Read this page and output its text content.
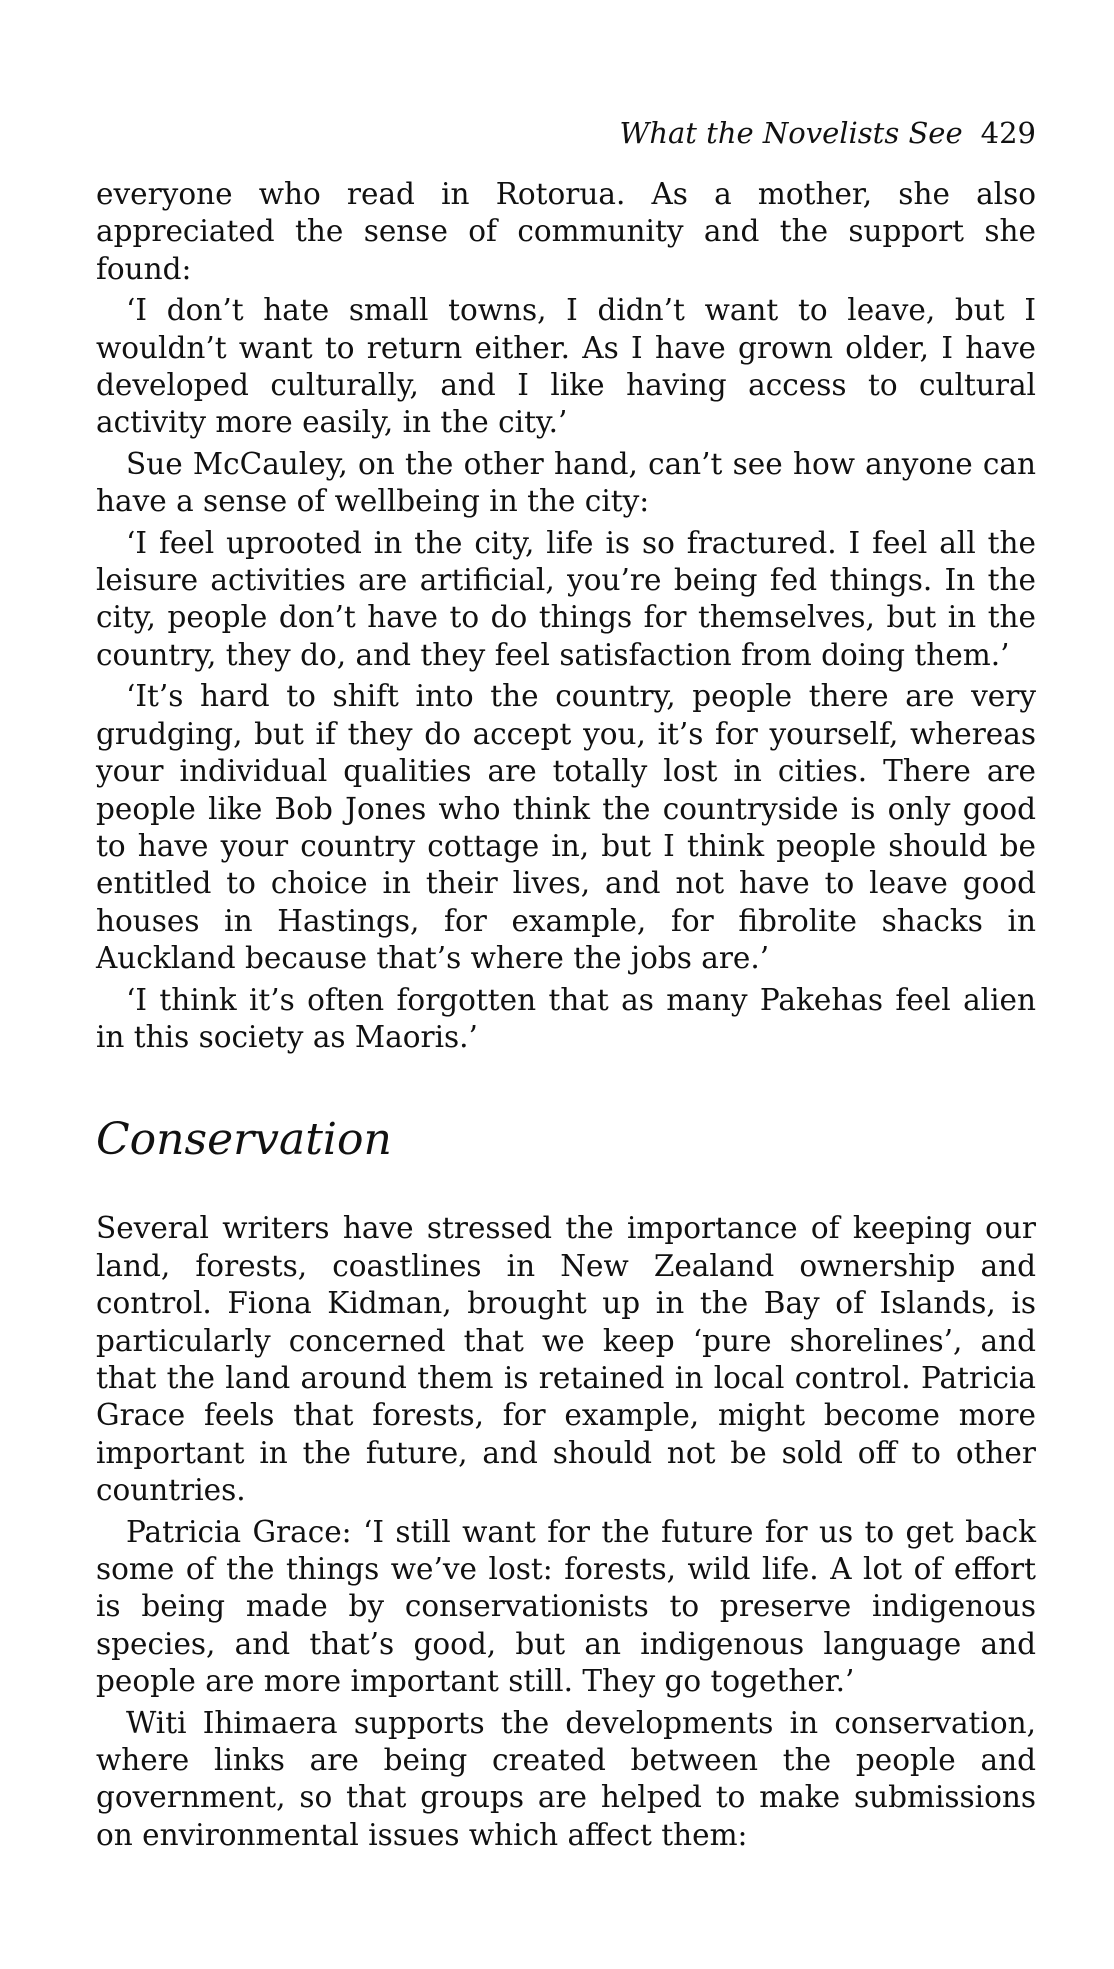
What the Novelists See 429

everyone who read in Rotorua. As a mother, she also appreciated the sense of community and the support she found:

‘I don’t hate small towns, I didn’t want to leave, but I wouldn’t want to return either. As I have grown older, I have developed culturally, and I like having access to cultural activity more easily, in the city.’

Sue McCauley, on the other hand, can’t see how anyone can have a sense of wellbeing in the city:

‘I feel uprooted in the city, life is so fractured. I feel all the leisure activities are artificial, you’re being fed things. In the city, people don’t have to do things for themselves, but in the country, they do, and they feel satisfaction from doing them.’

‘It’s hard to shift into the country, people there are very grudging, but if they do accept you, it’s for yourself, whereas your individual qualities are totally lost in cities. There are people like Bob Jones who think the countryside is only good to have your country cottage in, but I think people should be entitled to choice in their lives, and not have to leave good houses in Hastings, for example, for fibrolite shacks in Auckland because that’s where the jobs are.’

‘I think it’s often forgotten that as many Pakehas feel alien in this society as Maoris.’

Conservation

Several writers have stressed the importance of keeping our land, forests, coastlines in New Zealand ownership and control. Fiona Kidman, brought up in the Bay of Islands, is particularly concerned that we keep ‘pure shorelines’, and that the land around them is retained in local control. Patricia Grace feels that forests, for example, might become more important in the future, and should not be sold off to other countries.

Patricia Grace: ‘I still want for the future for us to get back some of the things we’ve lost: forests, wild life. A lot of effort is being made by conservationists to preserve indigenous species, and that’s good, but an indigenous language and people are more important still. They go together.’

Witi Ihimaera supports the developments in conservation, where links are being created between the people and government, so that groups are helped to make submissions on environmental issues which affect them:
